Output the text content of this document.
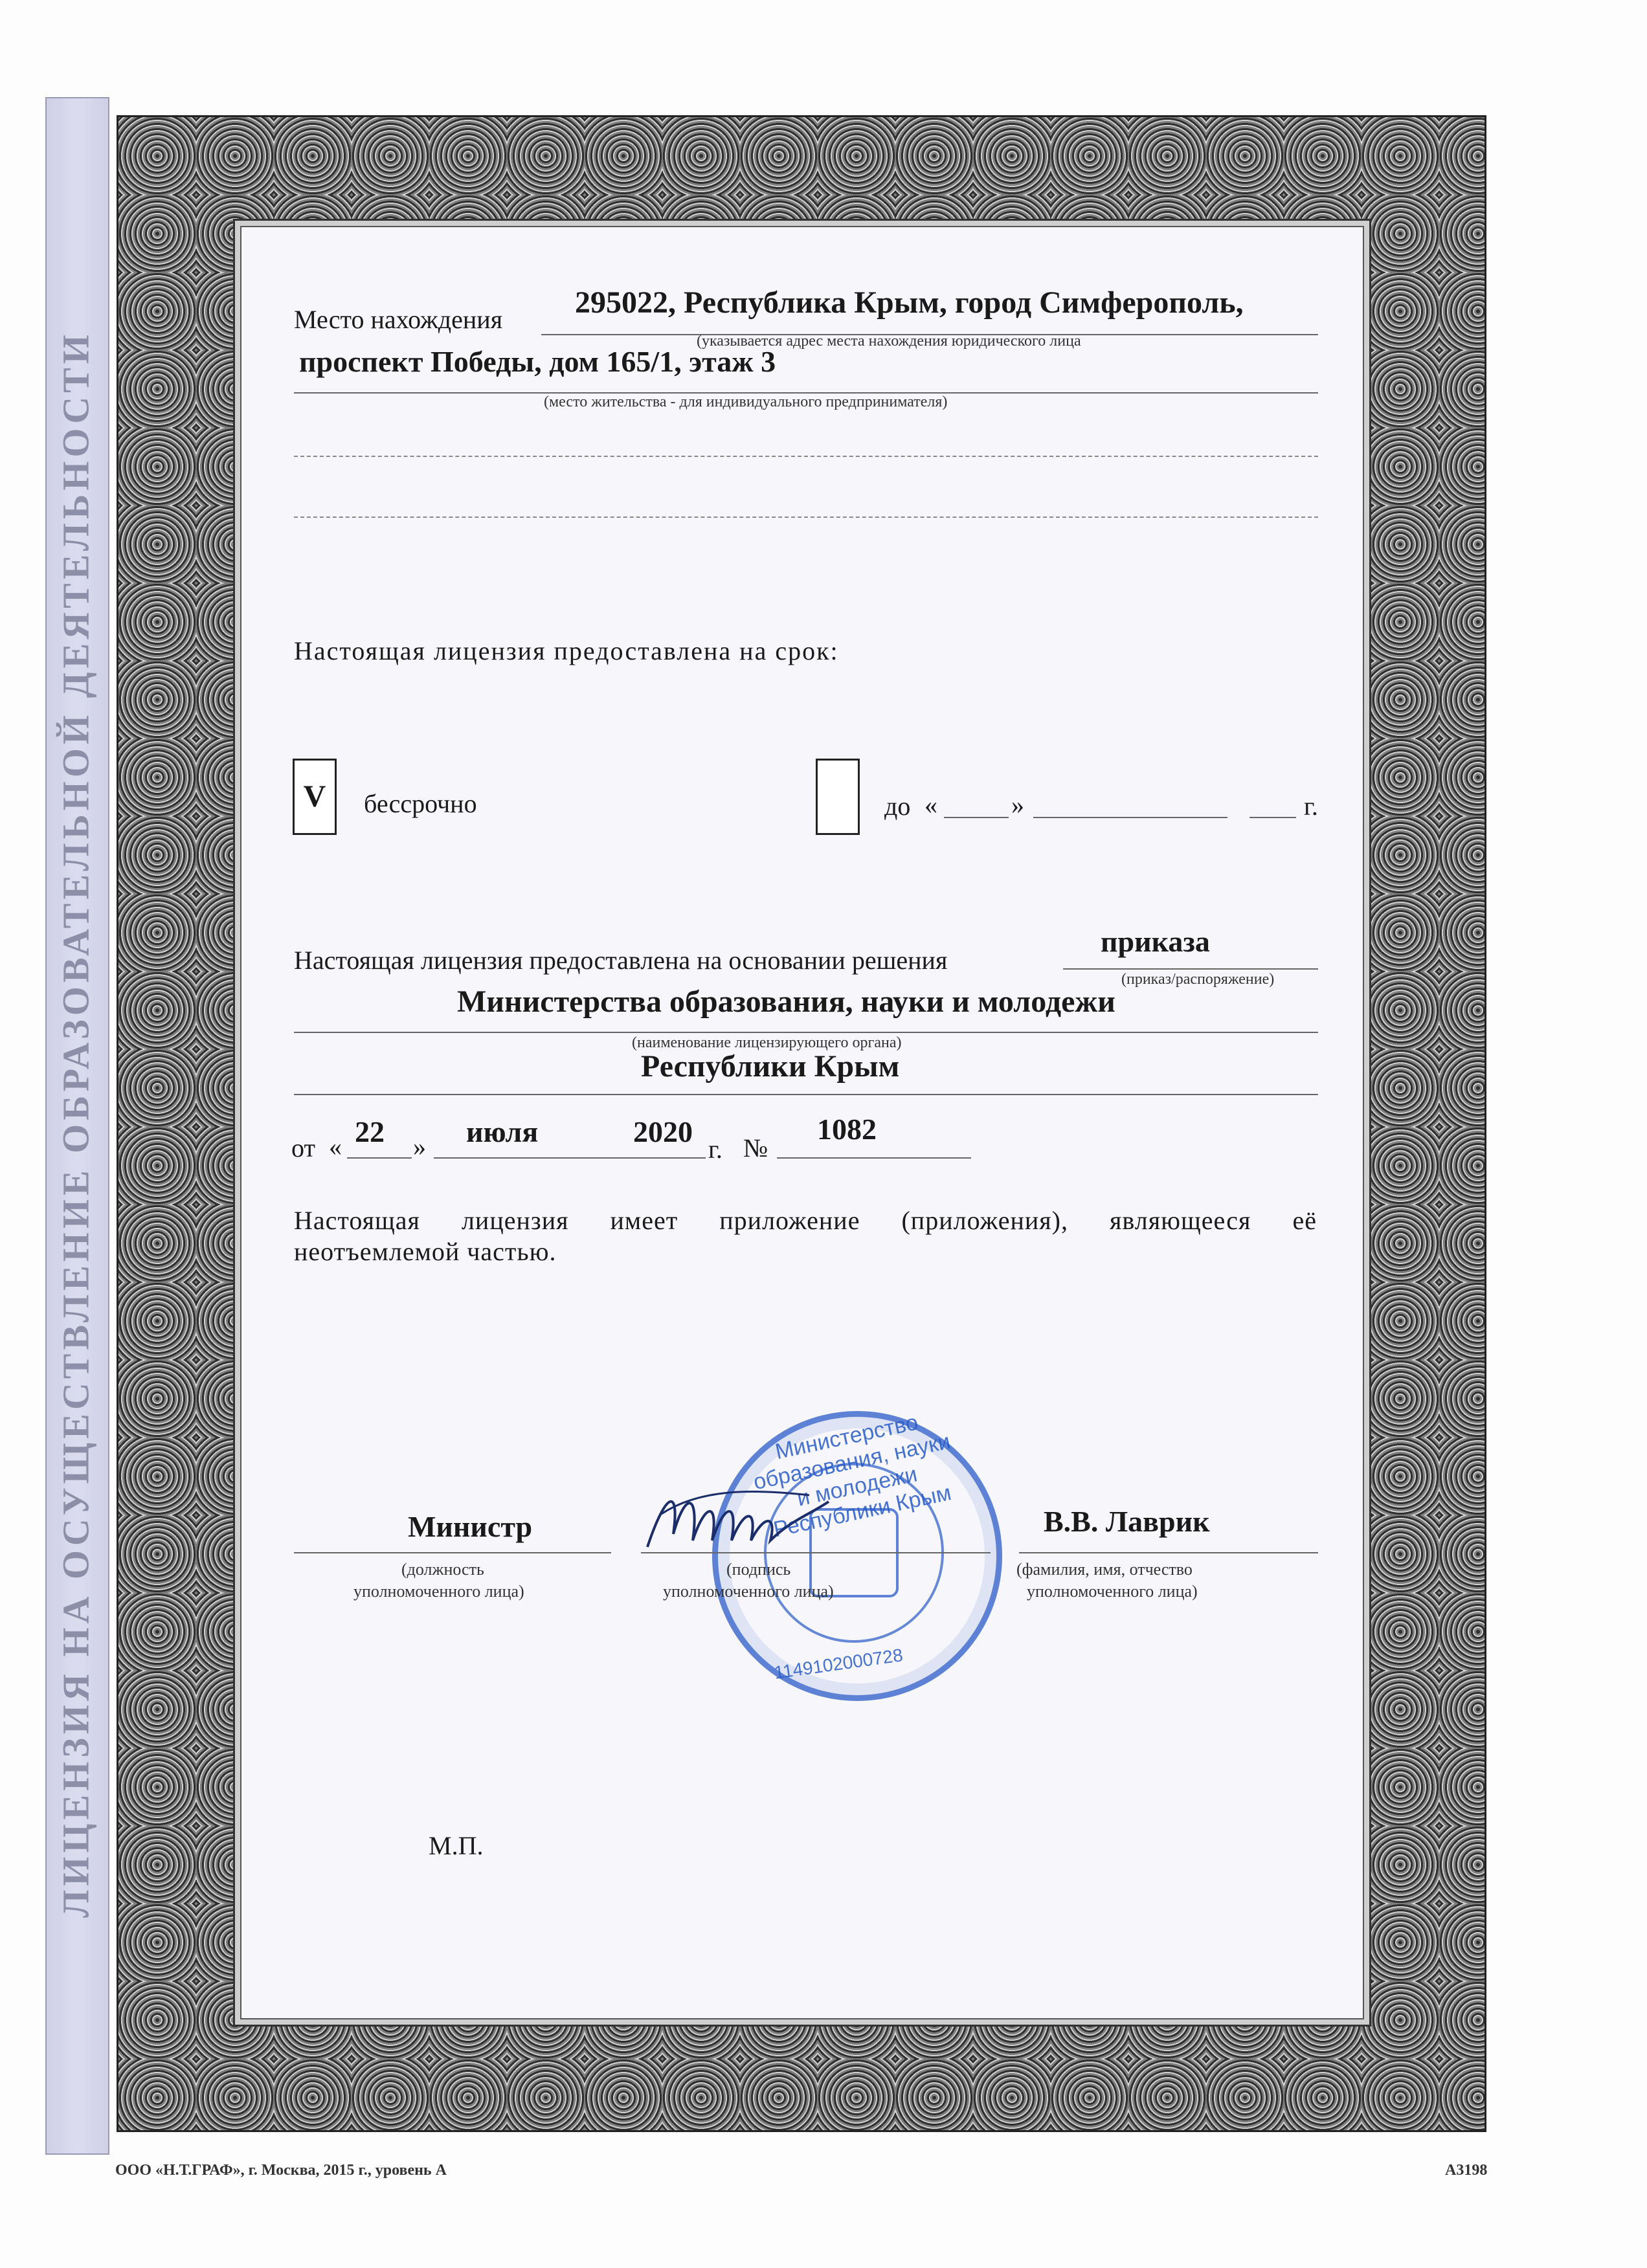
ЛИЦЕНЗИЯ НА ОСУЩЕСТВЛЕНИЕ ОБРАЗОВАТЕЛЬНОЙ ДЕЯТЕЛЬНОСТИ
Место нахождения 295022, Республика Крым, город Симферополь,
(указывается адрес места нахождения юридического лица
проспект Победы, дом 165/1, этаж 3
(место жительства - для индивидуального предпринимателя)
Настоящая лицензия предоставлена на срок:
V	бессрочно	до «	»	г.
Настоящая лицензия предоставлена на основании решения
приказа
(приказ/распоряжение)
Министерства образования, науки и молодежи
(наименование лицензирующего органа)
Республики Крым
от « 22 » июля	2020
г. №
1082
Настоящая лицензия имеет приложение (приложения), являющееся её
неотъемлемой частью.
Министерство образования, науки и молодежи Республики Крым
1149102000728
Министр
(должность
уполномоченного лица)
(подпись
уполномоченного лица)
В.В. Лаврик
(фамилия, имя, отчество
уполномоченного лица)
М.П.
ООО «Н.Т.ГРАФ», г. Москва, 2015 г., уровень А	А3198
